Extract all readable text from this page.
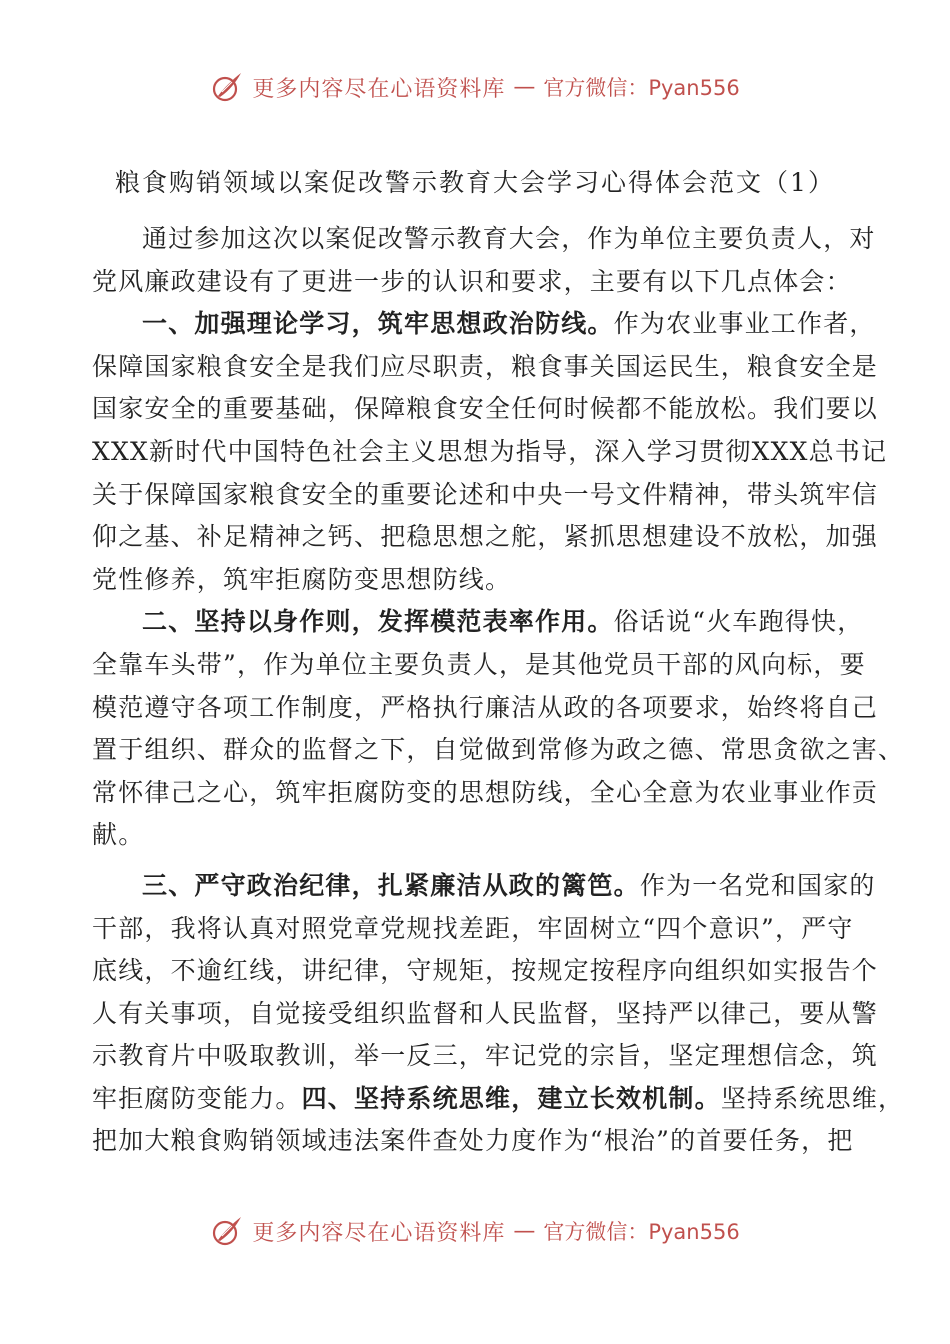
更多内容尽在心语资料库 — 官方微信：Pyan556
粮食购销领域以案促改警示教育大会学习心得体会范文（1）
通过参加这次以案促改警示教育大会，作为单位主要负责人，对
党风廉政建设有了更进一步的认识和要求，主要有以下几点体会：
一、加强理论学习，筑牢思想政治防线。作为农业事业工作者，
保障国家粮食安全是我们应尽职责，粮食事关国运民生，粮食安全是
国家安全的重要基础，保障粮食安全任何时候都不能放松。我们要以
XXX新时代中国特色社会主义思想为指导，深入学习贯彻XXX总书记
关于保障国家粮食安全的重要论述和中央一号文件精神，带头筑牢信
仰之基、补足精神之钙、把稳思想之舵，紧抓思想建设不放松，加强
党性修养，筑牢拒腐防变思想防线。
二、坚持以身作则，发挥模范表率作用。俗话说“火车跑得快，
全靠车头带”，作为单位主要负责人，是其他党员干部的风向标，要
模范遵守各项工作制度，严格执行廉洁从政的各项要求，始终将自己
置于组织、群众的监督之下，自觉做到常修为政之德、常思贪欲之害、
常怀律己之心，筑牢拒腐防变的思想防线，全心全意为农业事业作贡
献。
三、严守政治纪律，扎紧廉洁从政的篱笆。作为一名党和国家的
干部，我将认真对照党章党规找差距，牢固树立“四个意识”，严守
底线，不逾红线，讲纪律，守规矩，按规定按程序向组织如实报告个
人有关事项，自觉接受组织监督和人民监督，坚持严以律己，要从警
示教育片中吸取教训，举一反三，牢记党的宗旨，坚定理想信念，筑
牢拒腐防变能力。四、坚持系统思维，建立长效机制。坚持系统思维，
把加大粮食购销领域违法案件查处力度作为“根治”的首要任务，把
更多内容尽在心语资料库 — 官方微信：Pyan556
